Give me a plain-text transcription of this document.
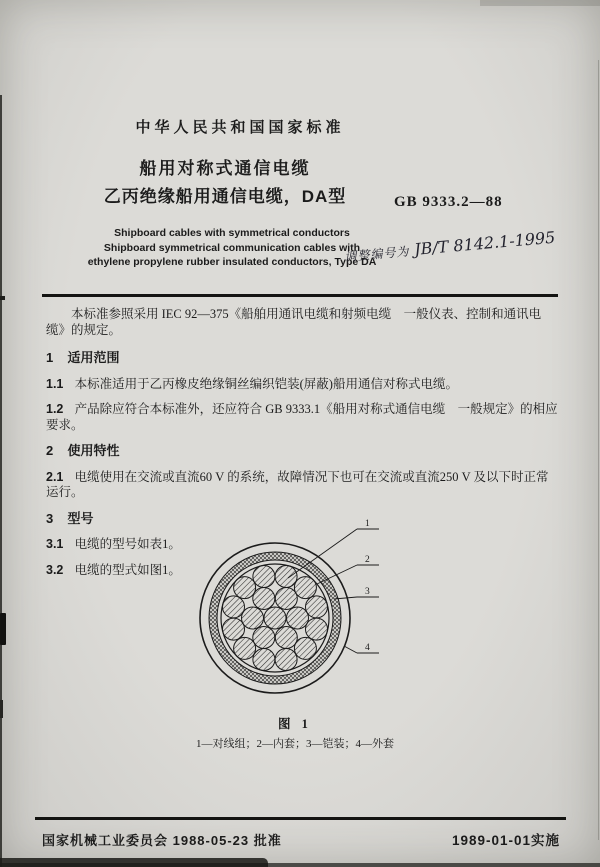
中华人民共和国国家标准
船用对称式通信电缆
乙丙绝缘船用通信电缆，DA型	GB 9333.2—88
Shipboard cables with symmetrical conductors
Shipboard symmetrical communication cables with
ethylene propylene rubber insulated conductors, Type DA
调整编号为 JB/T 8142.1-1995

本标准参照采用 IEC 92—375《船舶用通讯电缆和射频电缆　一般仪表、控制和通讯电缆》的规定。

1 适用范围

1.1 本标准适用于乙丙橡皮绝缘铜丝编织铠装(屏蔽)船用通信对称式电缆。

1.2 产品除应符合本标准外，还应符合 GB 9333.1《船用对称式通信电缆　一般规定》的相应要求。

2 使用特性

2.1 电缆使用在交流或直流60 V 的系统，故障情况下也可在交流或直流250 V 及以下时正常运行。

3 型号

3.1 电缆的型号如表1。

3.2 电缆的型式如图1。

1
2
3
4
图 1
1—对线组；2—内套；3—铠装；4—外套
国家机械工业委员会 1988-05-23 批准	1989-01-01实施
